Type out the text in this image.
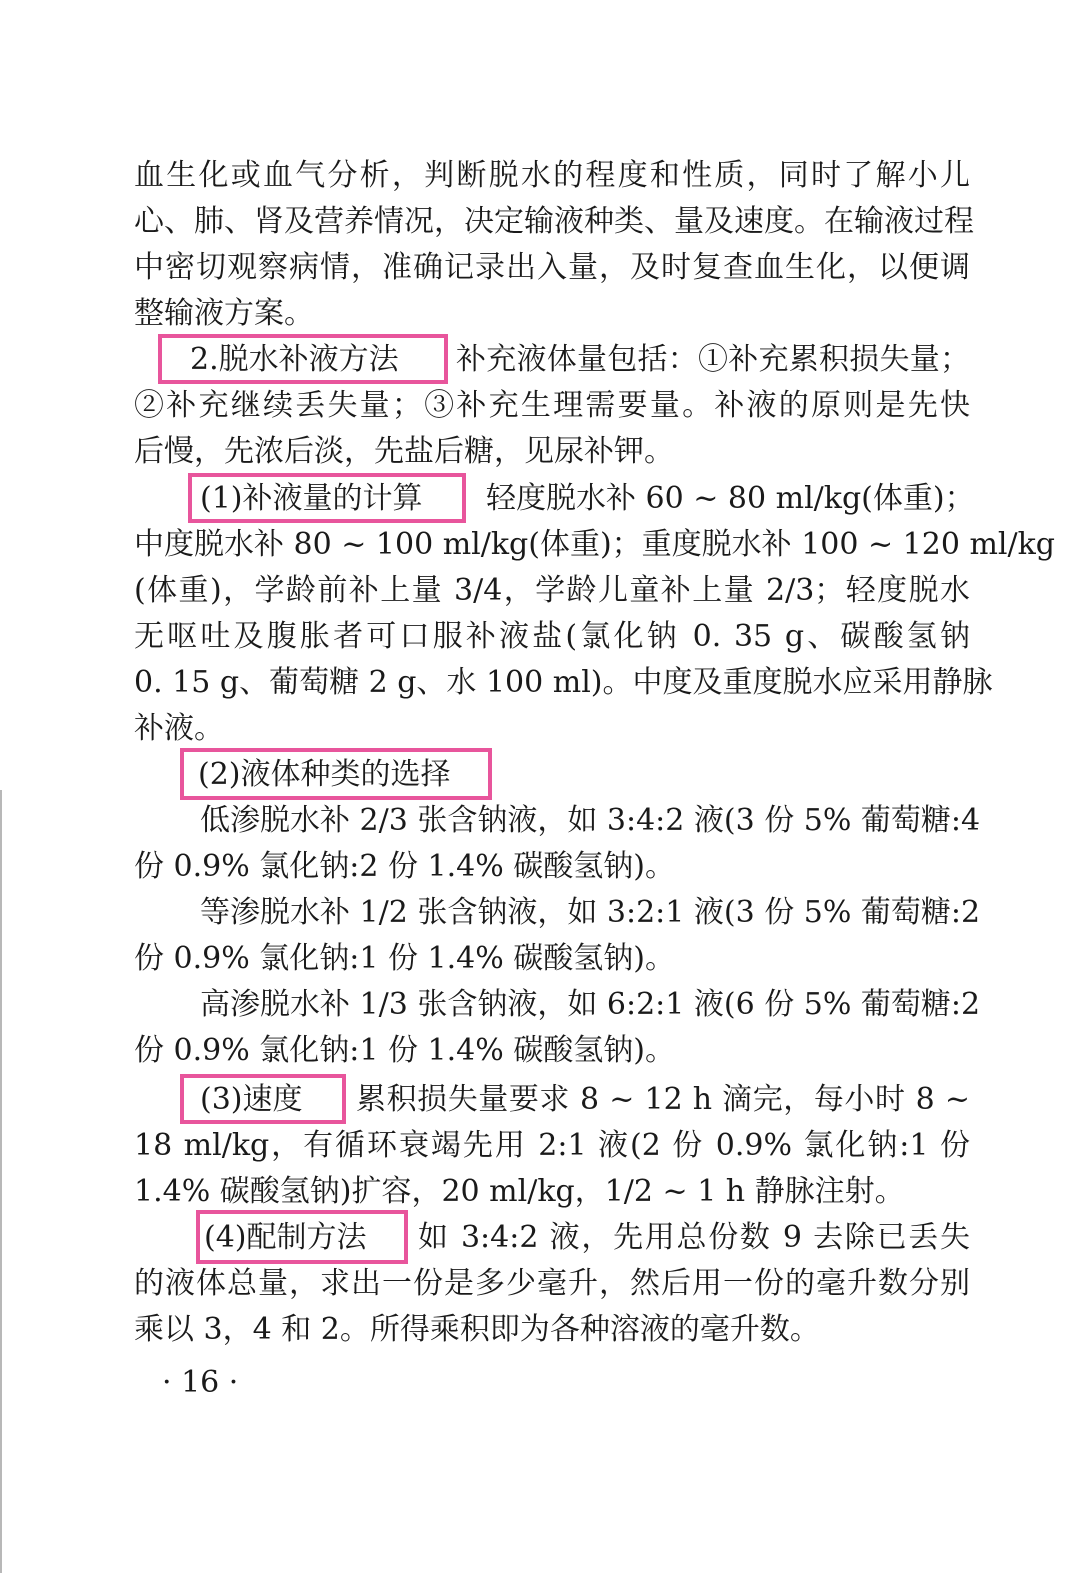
血生化或血气分析，判断脱水的程度和性质，同时了解小儿
心、肺、肾及营养情况，决定输液种类、量及速度。在输液过程
中密切观察病情，准确记录出入量，及时复查血生化，以便调
整输液方案。
2.脱水补液方法 补充液体量包括：①补充累积损失量；
②补充继续丢失量；③补充生理需要量。补液的原则是先快
后慢，先浓后淡，先盐后糖，见尿补钾。
(1)补液量的计算 轻度脱水补 60 ~ 80 ml/kg(体重)；
中度脱水补 80 ~ 100 ml/kg(体重)；重度脱水补 100 ~ 120 ml/kg
(体重)，学龄前补上量 3/4，学龄儿童补上量 2/3；轻度脱水
无呕吐及腹胀者可口服补液盐(氯化钠 0. 35 g、碳酸氢钠
0. 15 g、葡萄糖 2 g、水 100 ml)。中度及重度脱水应采用静脉
补液。
(2)液体种类的选择
低渗脱水补 2/3 张含钠液，如 3:4:2 液(3 份 5% 葡萄糖:4
份 0.9% 氯化钠:2 份 1.4% 碳酸氢钠)。
等渗脱水补 1/2 张含钠液，如 3:2:1 液(3 份 5% 葡萄糖:2
份 0.9% 氯化钠:1 份 1.4% 碳酸氢钠)。
高渗脱水补 1/3 张含钠液，如 6:2:1 液(6 份 5% 葡萄糖:2
份 0.9% 氯化钠:1 份 1.4% 碳酸氢钠)。
(3)速度 累积损失量要求 8 ~ 12 h 滴完，每小时 8 ~
18 ml/kg，有循环衰竭先用 2:1 液(2 份 0.9% 氯化钠:1 份
1.4% 碳酸氢钠)扩容，20 ml/kg，1/2 ~ 1 h 静脉注射。
(4)配制方法 如 3:4:2 液，先用总份数 9 去除已丢失
的液体总量，求出一份是多少毫升，然后用一份的毫升数分别
乘以 3，4 和 2。所得乘积即为各种溶液的毫升数。
· 16 ·
